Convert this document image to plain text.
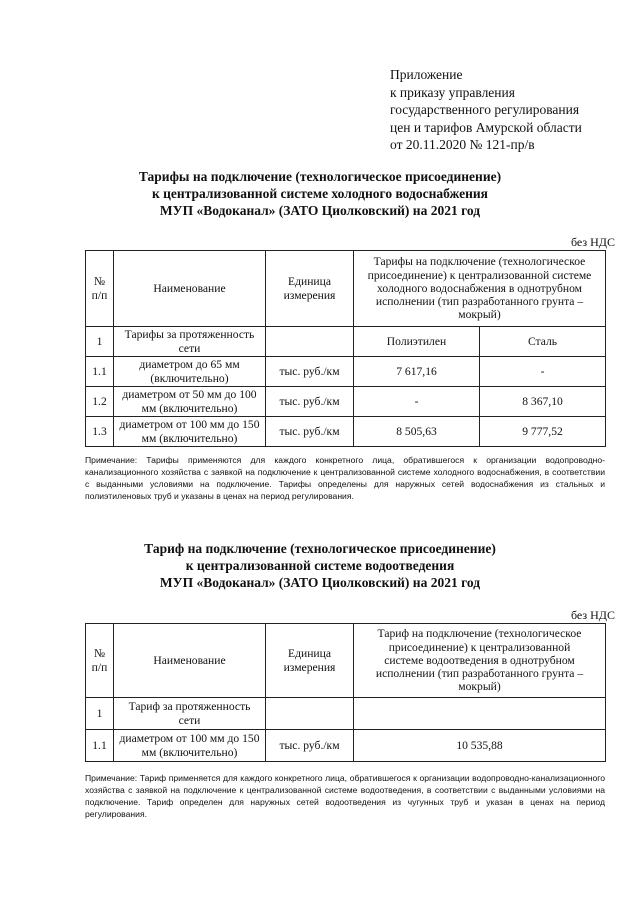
Приложение
к приказу управления
государственного регулирования
цен и тарифов Амурской области
от 20.11.2020 № 121-пр/в
Тарифы на подключение (технологическое присоединение)
к централизованной системе холодного водоснабжения
МУП «Водоканал» (ЗАТО Циолковский) на 2021 год
без НДС
№ п/п	Наименование	Единица измерения	Тарифы на подключение (технологическое присоединение) к централизованной системе холодного водоснабжения в однотрубном исполнении (тип разработанного грунта – мокрый)	
1	Тарифы за протяженность сети		Полиэтилен	Сталь
1.1	диаметром до 65 мм (включительно)	тыс. руб./км	7 617,16	-
1.2	диаметром от 50 мм до 100 мм (включительно)	тыс. руб./км	-	8 367,10
1.3	диаметром от 100 мм до 150 мм (включительно)	тыс. руб./км	8 505,63	9 777,52
Примечание: Тарифы применяются для каждого конкретного лица, обратившегося к организации водопроводно-канализационного хозяйства с заявкой на подключение к централизованной системе холодного водоснабжения, в соответствии с выданными условиями на подключение. Тарифы определены для наружных сетей водоснабжения из стальных и полиэтиленовых труб и указаны в ценах на период регулирования.
Тариф на подключение (технологическое присоединение)
к централизованной системе водоотведения
МУП «Водоканал» (ЗАТО Циолковский) на 2021 год
без НДС
№ п/п	Наименование	Единица измерения	Тариф на подключение (технологическое присоединение) к централизованной системе водоотведения в однотрубном исполнении (тип разработанного грунта – мокрый)
1	Тариф за протяженность сети		
1.1	диаметром от 100 мм до 150 мм (включительно)	тыс. руб./км	10 535,88
Примечание: Тариф применяется для каждого конкретного лица, обратившегося к организации водопроводно-канализационного хозяйства с заявкой на подключение к централизованной системе водоотведения, в соответствии с выданными условиями на подключение. Тариф определен для наружных сетей водоотведения из чугунных труб и указан в ценах на период регулирования.
